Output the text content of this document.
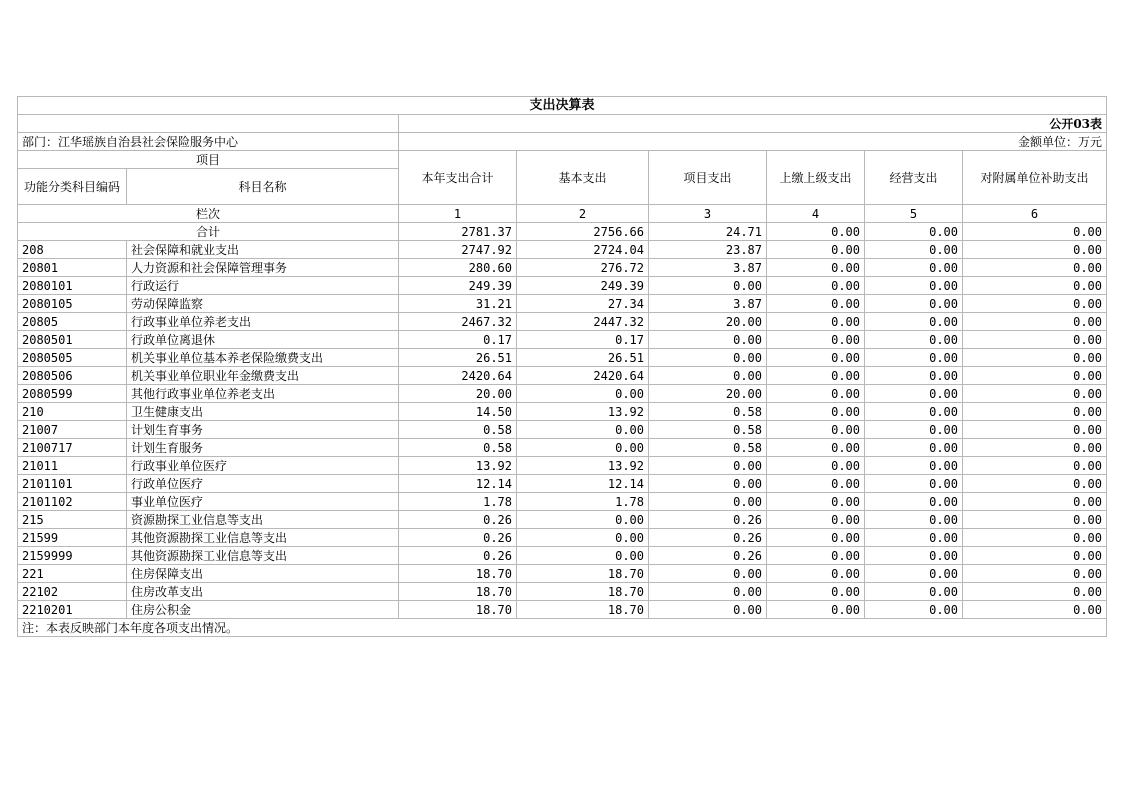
支出决算表							
		公开03表					
部门：江华瑶族自治县社会保险服务中心		金额单位：万元					
项目		本年支出合计	基本支出	项目支出	上缴上级支出	经营支出	对附属单位补助支出
功能分类科目编码	科目名称						
栏次		1	2	3	4	5	6
合计		2781.37	2756.66	24.71	0.00	0.00	0.00
208	社会保障和就业支出	2747.92	2724.04	23.87	0.00	0.00	0.00
20801	人力资源和社会保障管理事务	280.60	276.72	3.87	0.00	0.00	0.00
2080101	行政运行	249.39	249.39	0.00	0.00	0.00	0.00
2080105	劳动保障监察	31.21	27.34	3.87	0.00	0.00	0.00
20805	行政事业单位养老支出	2467.32	2447.32	20.00	0.00	0.00	0.00
2080501	行政单位离退休	0.17	0.17	0.00	0.00	0.00	0.00
2080505	机关事业单位基本养老保险缴费支出	26.51	26.51	0.00	0.00	0.00	0.00
2080506	机关事业单位职业年金缴费支出	2420.64	2420.64	0.00	0.00	0.00	0.00
2080599	其他行政事业单位养老支出	20.00	0.00	20.00	0.00	0.00	0.00
210	卫生健康支出	14.50	13.92	0.58	0.00	0.00	0.00
21007	计划生育事务	0.58	0.00	0.58	0.00	0.00	0.00
2100717	计划生育服务	0.58	0.00	0.58	0.00	0.00	0.00
21011	行政事业单位医疗	13.92	13.92	0.00	0.00	0.00	0.00
2101101	行政单位医疗	12.14	12.14	0.00	0.00	0.00	0.00
2101102	事业单位医疗	1.78	1.78	0.00	0.00	0.00	0.00
215	资源勘探工业信息等支出	0.26	0.00	0.26	0.00	0.00	0.00
21599	其他资源勘探工业信息等支出	0.26	0.00	0.26	0.00	0.00	0.00
2159999	其他资源勘探工业信息等支出	0.26	0.00	0.26	0.00	0.00	0.00
221	住房保障支出	18.70	18.70	0.00	0.00	0.00	0.00
22102	住房改革支出	18.70	18.70	0.00	0.00	0.00	0.00
2210201	住房公积金	18.70	18.70	0.00	0.00	0.00	0.00
注：本表反映部门本年度各项支出情况。							
